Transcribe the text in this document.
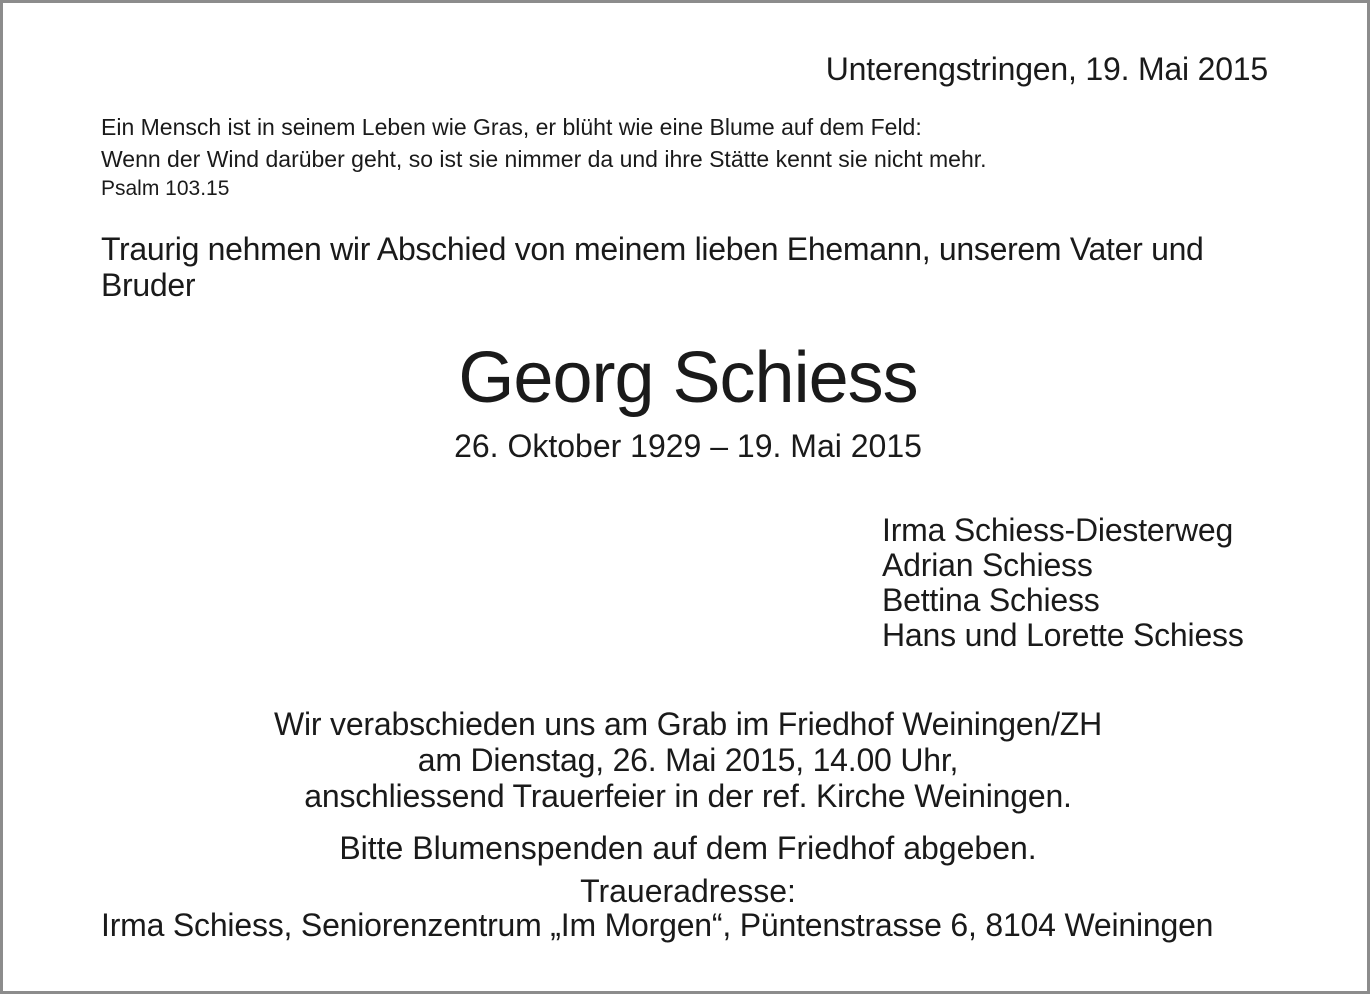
Unterengstringen, 19. Mai 2015
Ein Mensch ist in seinem Leben wie Gras, er blüht wie eine Blume auf dem Feld:
Wenn der Wind darüber geht, so ist sie nimmer da und ihre Stätte kennt sie nicht mehr.
Psalm 103.15
Traurig nehmen wir Abschied von meinem lieben Ehemann, unserem Vater und
Bruder
Georg Schiess
26. Oktober 1929 – 19. Mai 2015
Irma Schiess-Diesterweg
Adrian Schiess
Bettina Schiess
Hans und Lorette Schiess
Wir verabschieden uns am Grab im Friedhof Weiningen/ZH
am Dienstag, 26. Mai 2015, 14.00 Uhr,
anschliessend Trauerfeier in der ref. Kirche Weiningen.
Bitte Blumenspenden auf dem Friedhof abgeben.
Traueradresse:
Irma Schiess, Seniorenzentrum „Im Morgen“, Püntenstrasse 6, 8104 Weiningen
